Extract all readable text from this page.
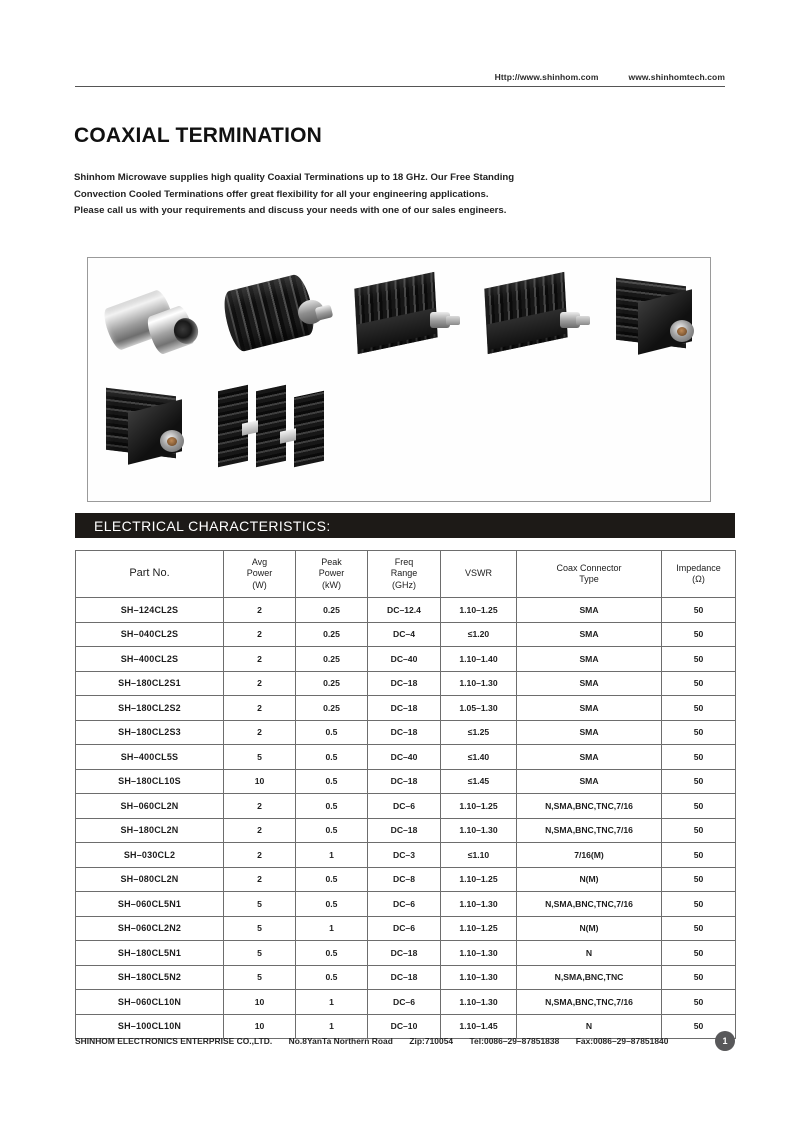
Http://www.shinhom.com	www.shinhomtech.com
COAXIAL TERMINATION

Shinhom Microwave supplies high quality Coaxial Terminations up to 18 GHz. Our Free Standing

Convection Cooled Terminations offer great flexibility for all your engineering applications.

Please call us with your requirements and discuss your needs with one of our sales engineers.

ELECTRICAL CHARACTERISTICS:
Part No.	Avg
Power
(W)	Peak
Power
(kW)	Freq
Range
(GHz)	VSWR	Coax Connector
Type	Impedance
(Ω)
SH–124CL2S	2	0.25	DC–12.4	1.10–1.25	SMA	50
SH–040CL2S	2	0.25	DC–4	≤1.20	SMA	50
SH–400CL2S	2	0.25	DC–40	1.10–1.40	SMA	50
SH–180CL2S1	2	0.25	DC–18	1.10–1.30	SMA	50
SH–180CL2S2	2	0.25	DC–18	1.05–1.30	SMA	50
SH–180CL2S3	2	0.5	DC–18	≤1.25	SMA	50
SH–400CL5S	5	0.5	DC–40	≤1.40	SMA	50
SH–180CL10S	10	0.5	DC–18	≤1.45	SMA	50
SH–060CL2N	2	0.5	DC–6	1.10–1.25	N,SMA,BNC,TNC,7/16	50
SH–180CL2N	2	0.5	DC–18	1.10–1.30	N,SMA,BNC,TNC,7/16	50
SH–030CL2	2	1	DC–3	≤1.10	7/16(M)	50
SH–080CL2N	2	0.5	DC–8	1.10–1.25	N(M)	50
SH–060CL5N1	5	0.5	DC–6	1.10–1.30	N,SMA,BNC,TNC,7/16	50
SH–060CL2N2	5	1	DC–6	1.10–1.25	N(M)	50
SH–180CL5N1	5	0.5	DC–18	1.10–1.30	N	50
SH–180CL5N2	5	0.5	DC–18	1.10–1.30	N,SMA,BNC,TNC	50
SH–060CL10N	10	1	DC–6	1.10–1.30	N,SMA,BNC,TNC,7/16	50
SH–100CL10N	10	1	DC–10	1.10–1.45	N	50
SHINHOM ELECTRONICS ENTERPRISE CO.,LTD. No.8YanTa Northern Road Zip:710054 Tel:0086–29–87851838 Fax:0086–29–87851840	1
